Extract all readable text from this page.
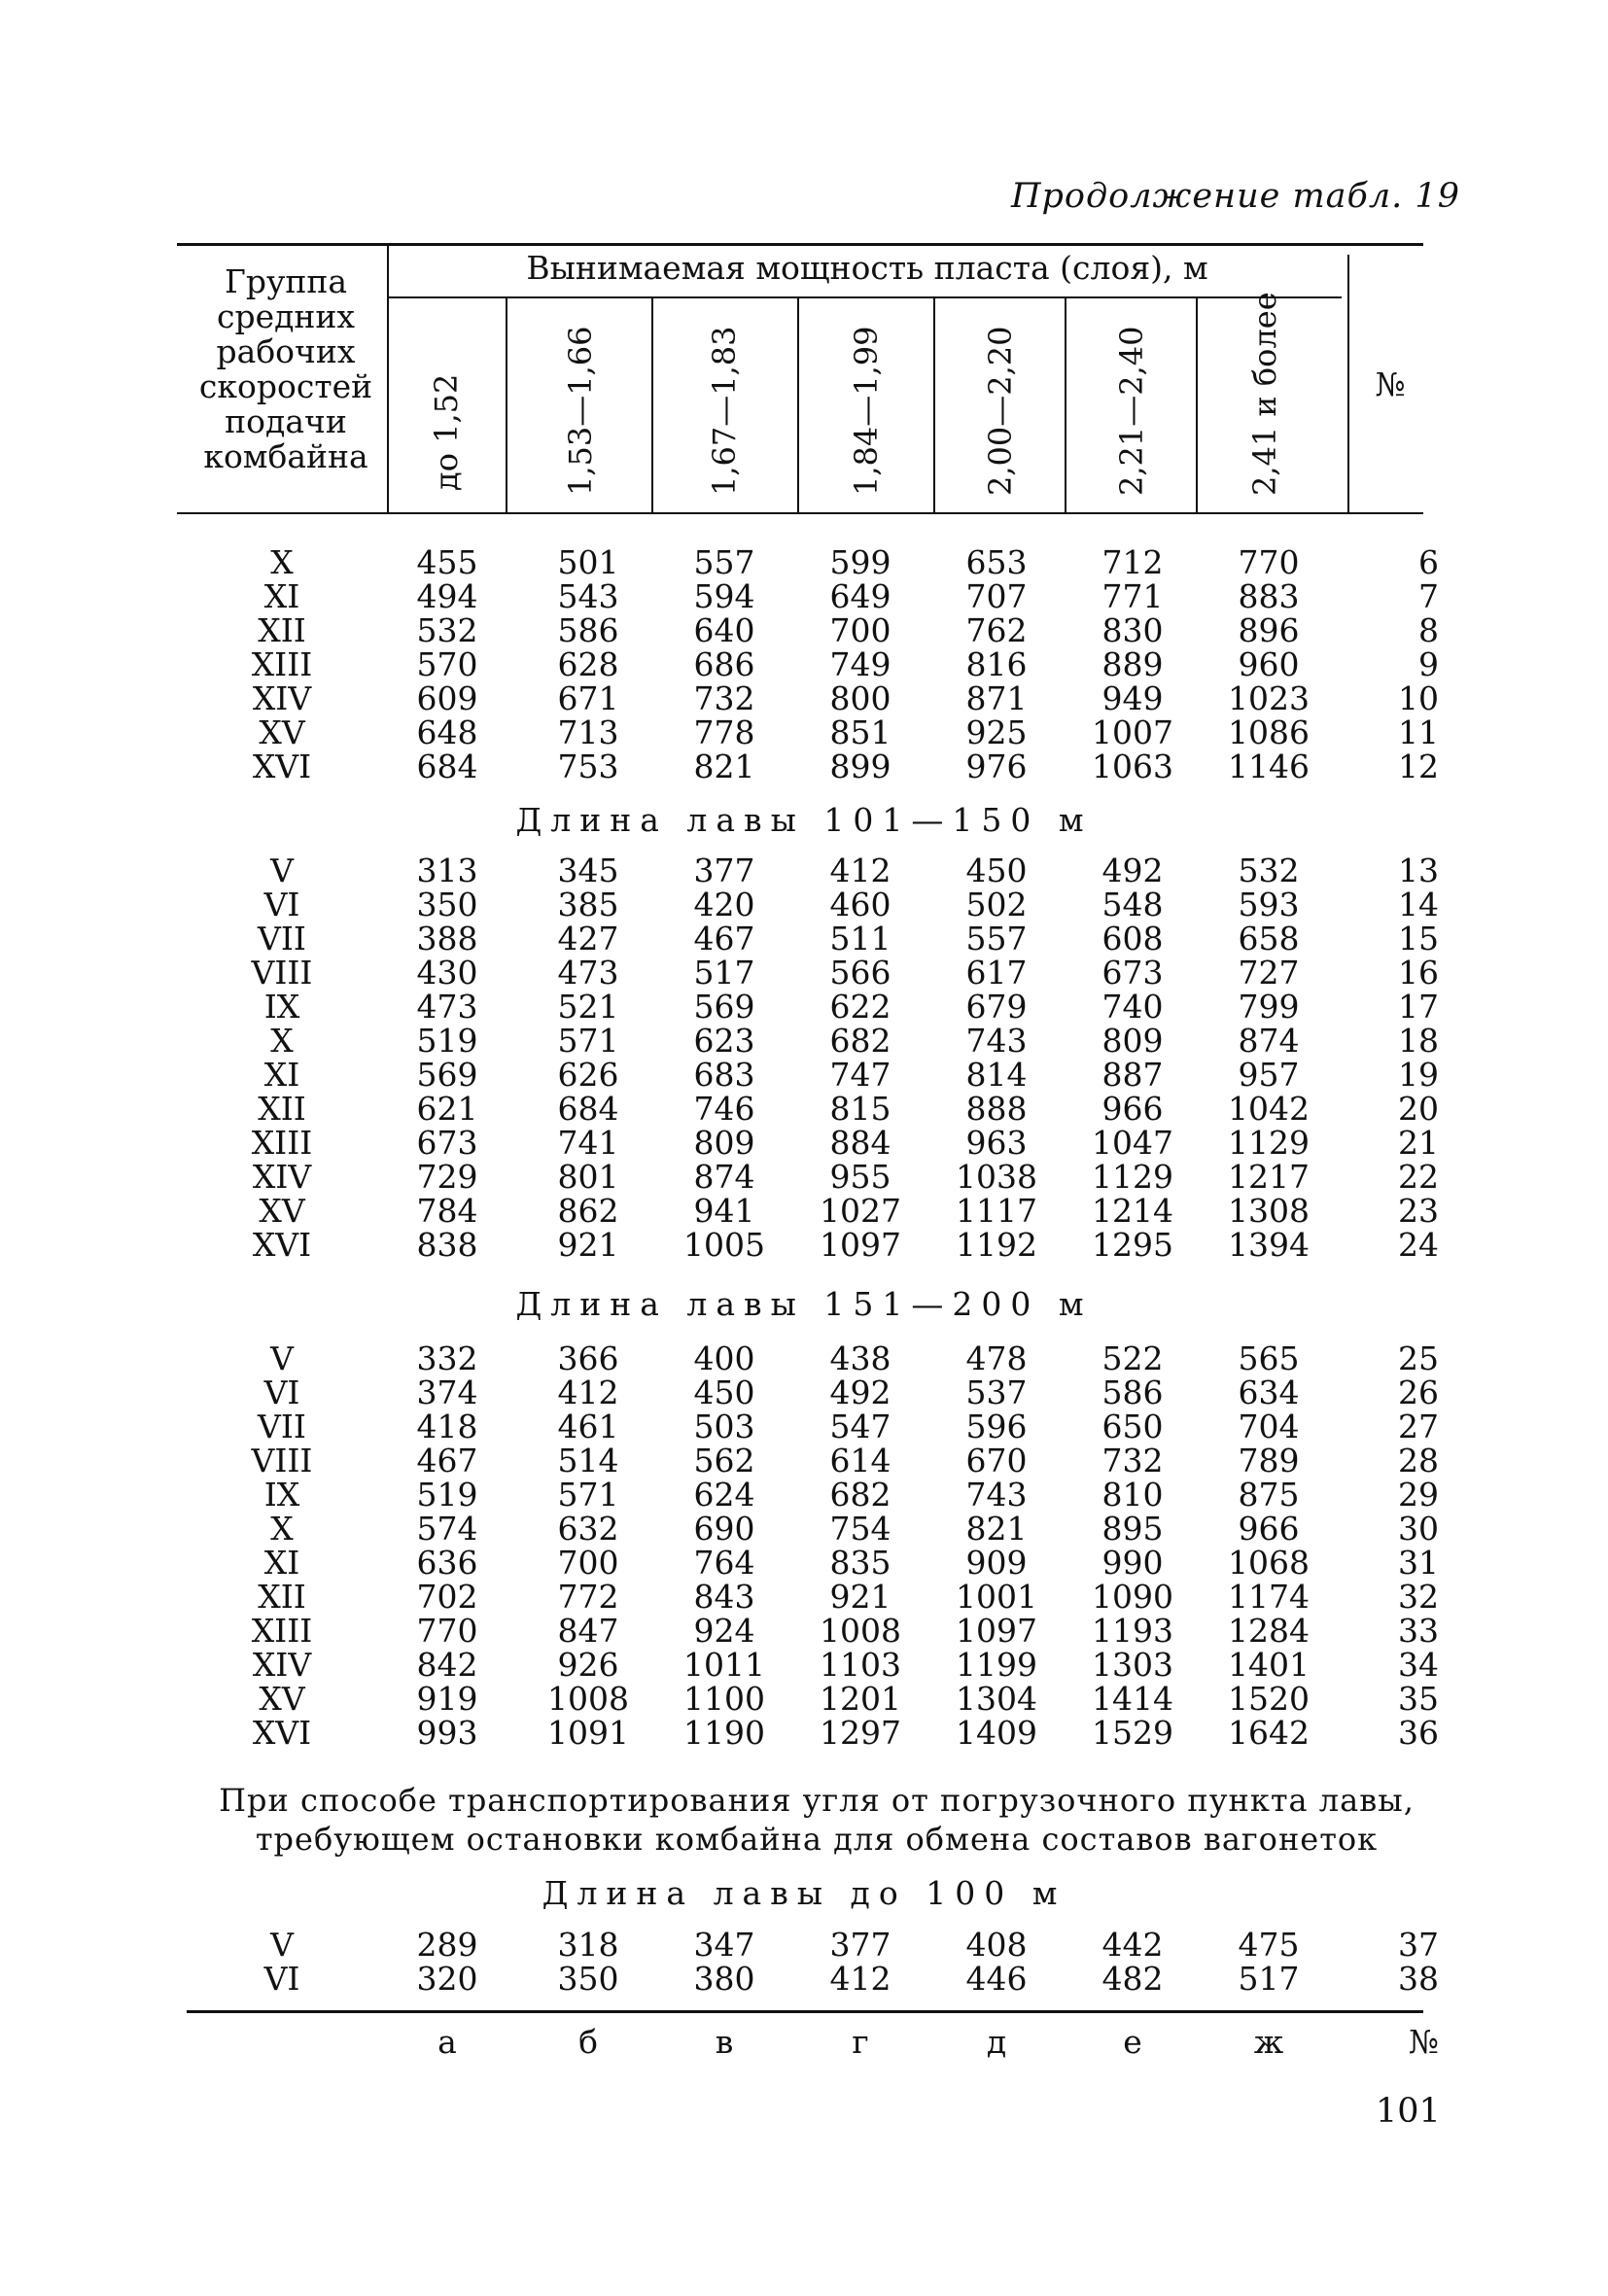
Продолжение табл. 19
Группа средних рабочих скоростей подачи комбайна
Вынимаемая мощность пласта (слоя), м
№
до 1,52	1,53—1,66	1,67—1,83	1,84—1,99	2,00—2,20	2,21—2,40	2,41 и более
X	455	501	557	599	653	712	770	6
XI	494	543	594	649	707	771	883	7
XII	532	586	640	700	762	830	896	8
XIII	570	628	686	749	816	889	960	9
XIV	609	671	732	800	871	949	1023	10
XV	648	713	778	851	925	1007	1086	11
XVI	684	753	821	899	976	1063	1146	12
Длина лавы 101—150 м
V	313	345	377	412	450	492	532	13
VI	350	385	420	460	502	548	593	14
VII	388	427	467	511	557	608	658	15
VIII	430	473	517	566	617	673	727	16
IX	473	521	569	622	679	740	799	17
X	519	571	623	682	743	809	874	18
XI	569	626	683	747	814	887	957	19
XII	621	684	746	815	888	966	1042	20
XIII	673	741	809	884	963	1047	1129	21
XIV	729	801	874	955	1038	1129	1217	22
XV	784	862	941	1027	1117	1214	1308	23
XVI	838	921	1005	1097	1192	1295	1394	24
Длина лавы 151—200 м
V	332	366	400	438	478	522	565	25
VI	374	412	450	492	537	586	634	26
VII	418	461	503	547	596	650	704	27
VIII	467	514	562	614	670	732	789	28
IX	519	571	624	682	743	810	875	29
X	574	632	690	754	821	895	966	30
XI	636	700	764	835	909	990	1068	31
XII	702	772	843	921	1001	1090	1174	32
XIII	770	847	924	1008	1097	1193	1284	33
XIV	842	926	1011	1103	1199	1303	1401	34
XV	919	1008	1100	1201	1304	1414	1520	35
XVI	993	1091	1190	1297	1409	1529	1642	36
При способе транспортирования угля от погрузочного пункта лавы,
требующем остановки комбайна для обмена составов вагонеток
Длина лавы до 100 м
V	289	318	347	377	408	442	475	37
VI	320	350	380	412	446	482	517	38
а	б	в	г	д	е	ж	№
101
